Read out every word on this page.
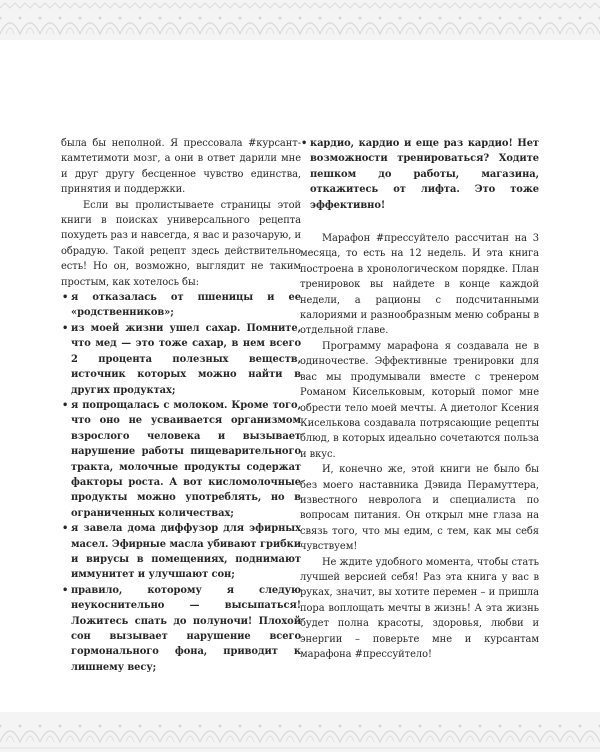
была бы неполной. Я прессовала #курсант-камтетимоти мозг, а они в ответ дарили мне и друг другу бесценное чувство единства, принятия и поддержки.

Если вы пролистываете страницы этой книги в поисках универсального рецепта похудеть раз и навсегда, я вас и разочарую, и обрадую. Такой рецепт здесь действительно есть! Но он, возможно, выглядит не таким простым, как хотелось бы:

• я отказалась от пшеницы и ее «родственников»;
• из моей жизни ушел сахар. Помните, что мед — это тоже сахар, в нем всего 2 процента полезных веществ, источник которых можно найти в других продуктах;
• я попрощалась с молоком. Кроме того, что оно не усваивается организмом взрослого человека и вызывает нарушение работы пищеварительного тракта, молочные продукты содержат факторы роста. А вот кисломолочные продукты можно употреблять, но в ограниченных количествах;
• я завела дома диффузор для эфирных масел. Эфирные масла убивают грибки и вирусы в помещениях, поднимают иммунитет и улучшают сон;
• правило, которому я следую неукоснительно — высыпаться! Ложитесь спать до полуночи! Плохой сон вызывает нарушение всего гормонального фона, приводит к лишнему весу;
• кардио, кардио и еще раз кардио! Нет возможности тренироваться? Ходите пешком до работы, магазина, откажитесь от лифта. Это тоже эффективно!

Марафон #прессуйтело рассчитан на 3 месяца, то есть на 12 недель. И эта книга построена в хронологическом порядке. План тренировок вы найдете в конце каждой недели, а рационы с подсчитанными калориями и разнообразным меню собраны в отдельной главе.

Программу марафона я создавала не в одиночестве. Эффективные тренировки для вас мы продумывали вместе с тренером Романом Кисельковым, который помог мне обрести тело моей мечты. А диетолог Ксения Киселькова создавала потрясающие рецепты блюд, в которых идеально сочетаются польза и вкус.

И, конечно же, этой книги не было бы без моего наставника Дэвида Перамуттера, известного невролога и специалиста по вопросам питания. Он открыл мне глаза на связь того, что мы едим, с тем, как мы себя чувствуем!

Не ждите удобного момента, чтобы стать лучшей версией себя! Раз эта книга у вас в руках, значит, вы хотите перемен – и пришла пора воплощать мечты в жизнь! А эта жизнь будет полна красоты, здоровья, любви и энергии – поверьте мне и курсантам марафона #прессуйтело!
